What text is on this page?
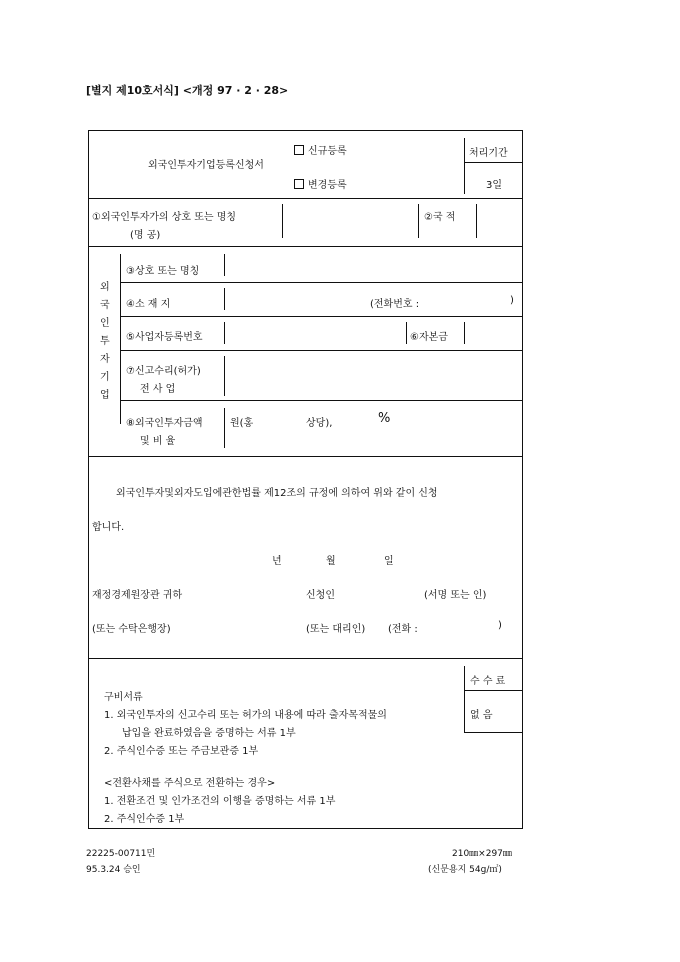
[별지 제10호서식] <개정 97 · 2 · 28>
외국인투자기업등록신청서
신규등록
변경등록
처리기간
3일
①외국인투자가의 상호 또는 명칭
(명 공)
②국 적
외
국
인
투
자
기
업
③상호 또는 명칭
④소 재 지	(전화번호 :	)
⑤사업자등록번호	⑥자본금
⑦신고수리(허가)
전 사 업
⑧외국인투자금액
및 비 율
원(홍	상당),	%
외국인투자및외자도입에관한법률 제12조의 규정에 의하여 위와 같이 신청
합니다.
년	월	일
재정경제원장관 귀하	신청인	(서명 또는 인)
(또는 수탁은행장)	(또는 대리인) (전화 :	)
수 수 료
없 음
구비서류
1. 외국인투자의 신고수리 또는 허가의 내용에 따라 출자목적물의
납입을 완료하였음을 증명하는 서류 1부
2. 주식인수증 또는 주금보관증 1부
<전환사채를 주식으로 전환하는 경우>
1. 전환조건 및 인가조건의 이행을 증명하는 서류 1부
2. 주식인수증 1부
22225-00711민
95.3.24 승인
210㎜×297㎜
(신문용지 54g/㎡)
